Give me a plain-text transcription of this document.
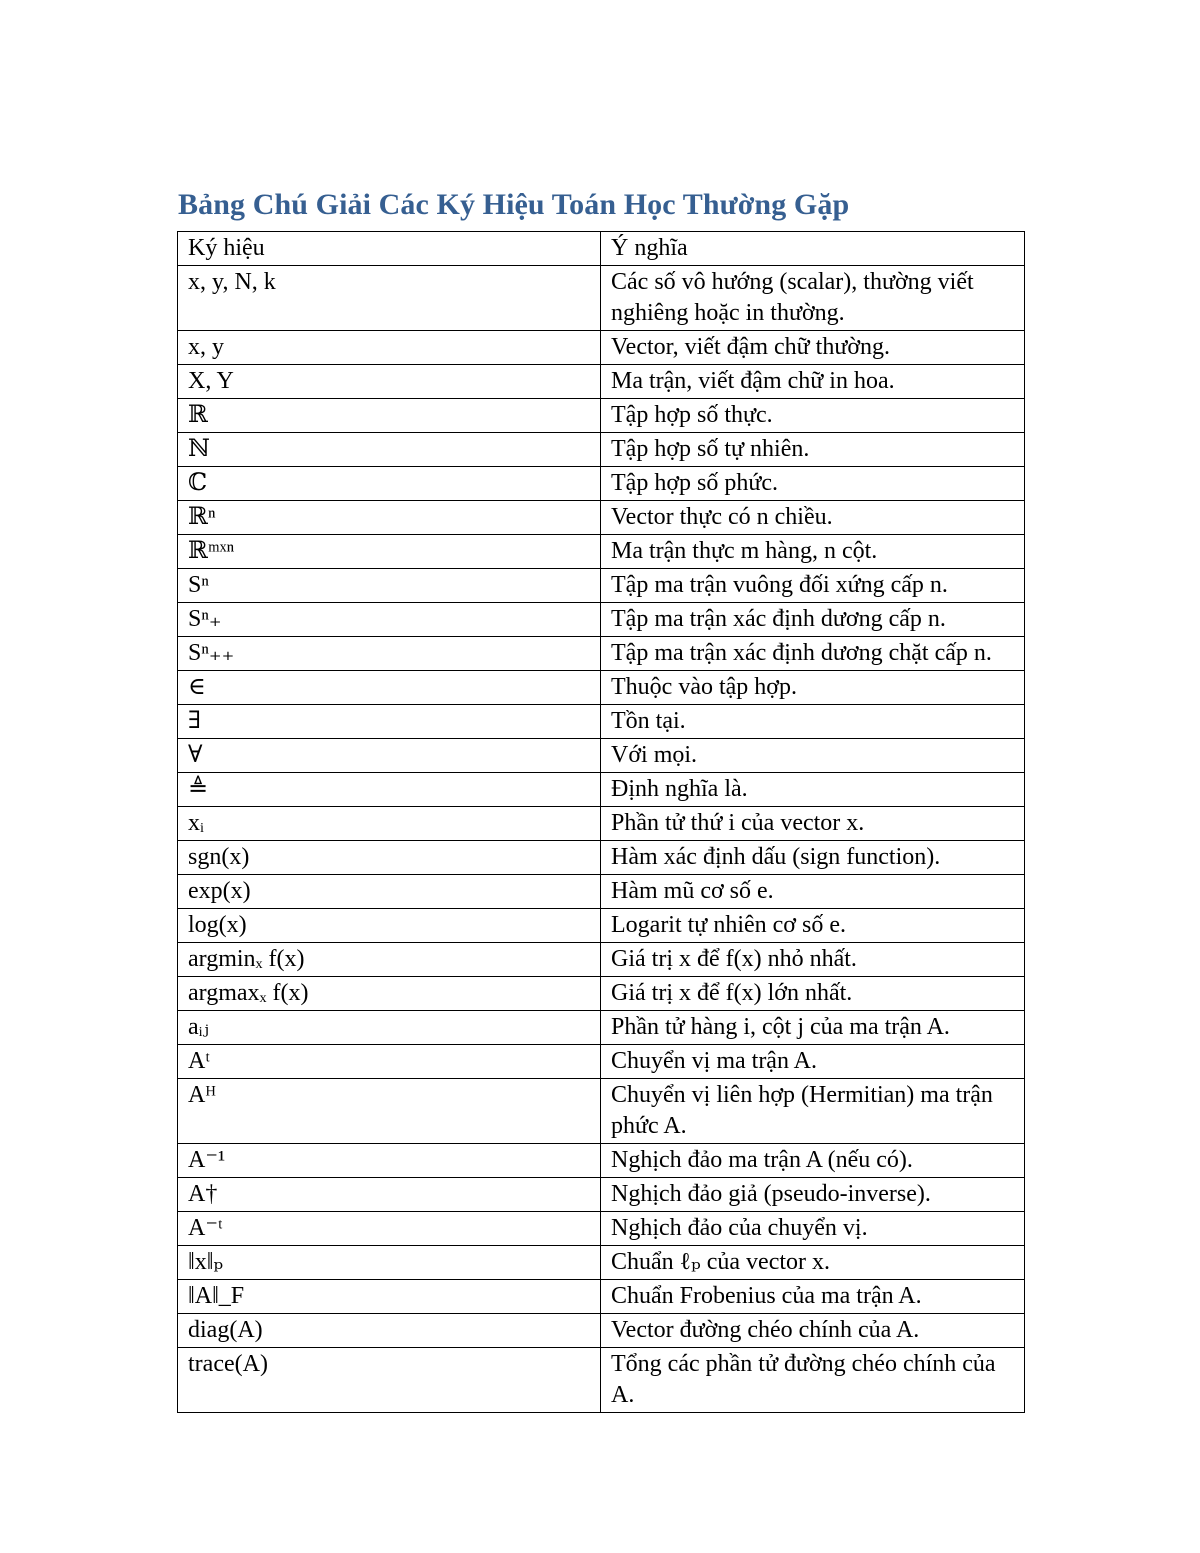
Bảng Chú Giải Các Ký Hiệu Toán Học Thường Gặp
Ký hiệu	Ý nghĩa
x, y, N, k	Các số vô hướng (scalar), thường viết nghiêng hoặc in thường.
x, y	Vector, viết đậm chữ thường.
X, Y	Ma trận, viết đậm chữ in hoa.
ℝ	Tập hợp số thực.
ℕ	Tập hợp số tự nhiên.
ℂ	Tập hợp số phức.
ℝⁿ	Vector thực có n chiều.
ℝᵐˣⁿ	Ma trận thực m hàng, n cột.
Sⁿ	Tập ma trận vuông đối xứng cấp n.
Sⁿ₊	Tập ma trận xác định dương cấp n.
Sⁿ₊₊	Tập ma trận xác định dương chặt cấp n.
∈	Thuộc vào tập hợp.
∃	Tồn tại.
∀	Với mọi.
≜	Định nghĩa là.
xᵢ	Phần tử thứ i của vector x.
sgn(x)	Hàm xác định dấu (sign function).
exp(x)	Hàm mũ cơ số e.
log(x)	Logarit tự nhiên cơ số e.
argminₓ f(x)	Giá trị x để f(x) nhỏ nhất.
argmaxₓ f(x)	Giá trị x để f(x) lớn nhất.
aᵢⱼ	Phần tử hàng i, cột j của ma trận A.
Aᵗ	Chuyển vị ma trận A.
Aᴴ	Chuyển vị liên hợp (Hermitian) ma trận phức A.
A⁻¹	Nghịch đảo ma trận A (nếu có).
A†	Nghịch đảo giả (pseudo-inverse).
A⁻ᵗ	Nghịch đảo của chuyển vị.
‖x‖ₚ	Chuẩn ℓₚ của vector x.
‖A‖_F	Chuẩn Frobenius của ma trận A.
diag(A)	Vector đường chéo chính của A.
trace(A)	Tổng các phần tử đường chéo chính của A.
